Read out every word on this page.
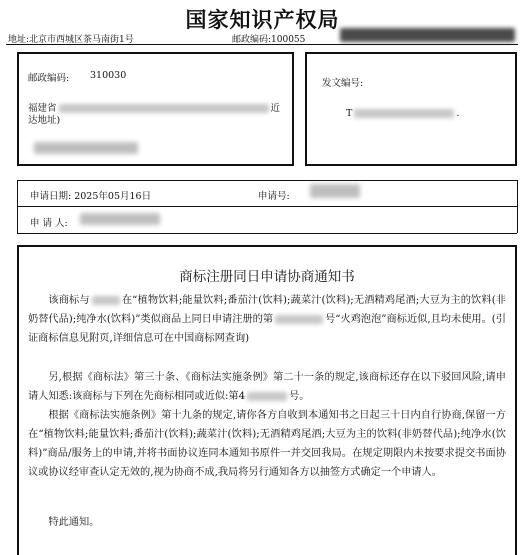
国家知识产权局
地址:北京市西城区茶马南街1号	邮政编码:100055
邮政编码: 310030
福建省	近
达地址)
发文编号:
T	.
申请日期: 2025年05月16日	申请号:
申 请 人:
商标注册同日申请协商通知书

该商标与	在“植物饮料;能量饮料;番茄汁(饮料);蔬菜汁(饮料);无酒精鸡尾酒;大豆为主的饮料(非奶替代品);纯净水(饮料)”类似商品上同日申请注册的第	号“火鸡泡泡”商标近似,且均未使用。(引证商标信息见附页,详细信息可在中国商标网查询)

另,根据《商标法》第三十条、《商标法实施条例》第二十一条的规定,该商标还存在以下驳回风险,请申请人知悉:该商标与下列在先商标相同或近似:第4	号。

根据《商标法实施条例》第十九条的规定,请你各方自收到本通知书之日起三十日内自行协商,保留一方在“植物饮料;能量饮料;番茄汁(饮料);蔬菜汁(饮料);无酒精鸡尾酒;大豆为主的饮料(非奶替代品);纯净水(饮料)”商品/服务上的申请,并将书面协议连同本通知书原件一并交回我局。在规定期限内未按要求提交书面协议或协议经审查认定无效的,视为协商不成,我局将另行通知各方以抽签方式确定一个申请人。

特此通知。
